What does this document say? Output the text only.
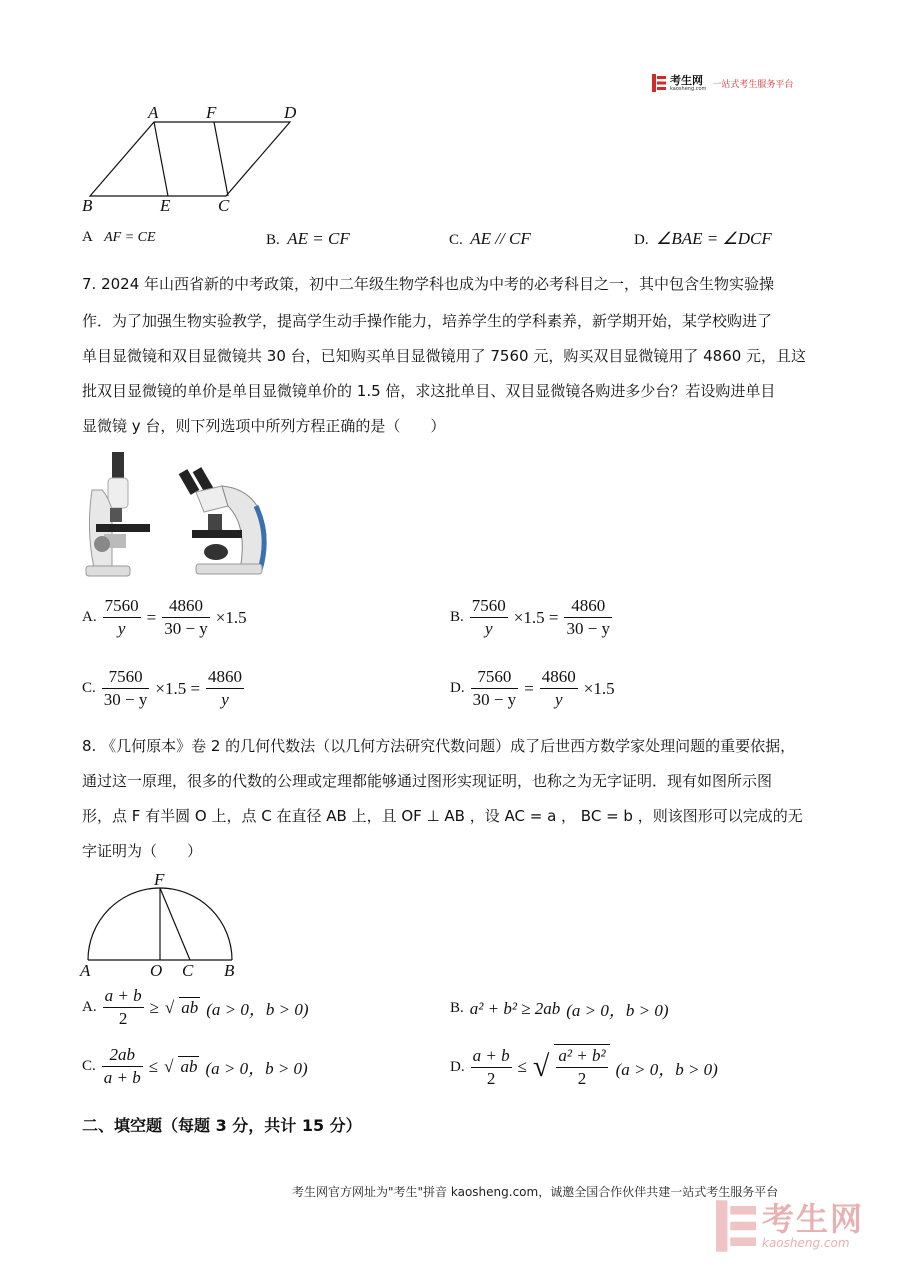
考生网
kaosheng.com 一站式考生服务平台
A	F	D
B	E	C
A AF = CE	B. AE = CF	C. AE // CF	D. ∠BAE = ∠DCF
7. 2024 年山西省新的中考政策，初中二年级生物学科也成为中考的必考科目之一，其中包含生物实验操
作．为了加强生物实验教学，提高学生动手操作能力，培养学生的学科素养，新学期开始，某学校购进了
单目显微镜和双目显微镜共 30 台，已知购买单目显微镜用了 7560 元，购买双目显微镜用了 4860 元，且这
批双目显微镜的单价是单目显微镜单价的 1.5 倍，求这批单目、双目显微镜各购进多少台？若设购进单目
显微镜 y 台，则下列选项中所列方程正确的是（　　）
A. $\frac{7560}{y} = \frac{4860}{30 - y} \times 1.5$	B. $\frac{7560}{y} \times 1.5 = \frac{4860}{30 - y}$
C. $\frac{7560}{30 - y} \times 1.5 = \frac{4860}{y}$	D. $\frac{7560}{30 - y} = \frac{4860}{y} \times 1.5$
8. 《几何原本》卷 2 的几何代数法（以几何方法研究代数问题）成了后世西方数学家处理问题的重要依据，
通过这一原理，很多的代数的公理或定理都能够通过图形实现证明，也称之为无字证明．现有如图所示图
形，点 F 有半圆 O 上，点 C 在直径 AB 上，且 OF ⊥ AB ，设 AC = a ， BC = b ，则该图形可以完成的无
字证明为（　　）
F
A	O C B
A. $\frac{a + b}{2}$ ≥ √ ab (a > 0，b > 0)	B. a² + b² ≥ 2ab (a > 0，b > 0)
C. $\frac{2ab}{a + b}$ ≤ √ ab (a > 0，b > 0)	D. $\frac{a + b}{2}$ ≤ √ $\frac{\text{a² + b²}}{2} (a > 0$，b > 0)
二、填空题（每题 3 分，共计 15 分）
考生网官方网址为"考生"拼音 kaosheng.com，诚邀全国合作伙伴共建一站式考生服务平台
考生网
kaosheng.com
